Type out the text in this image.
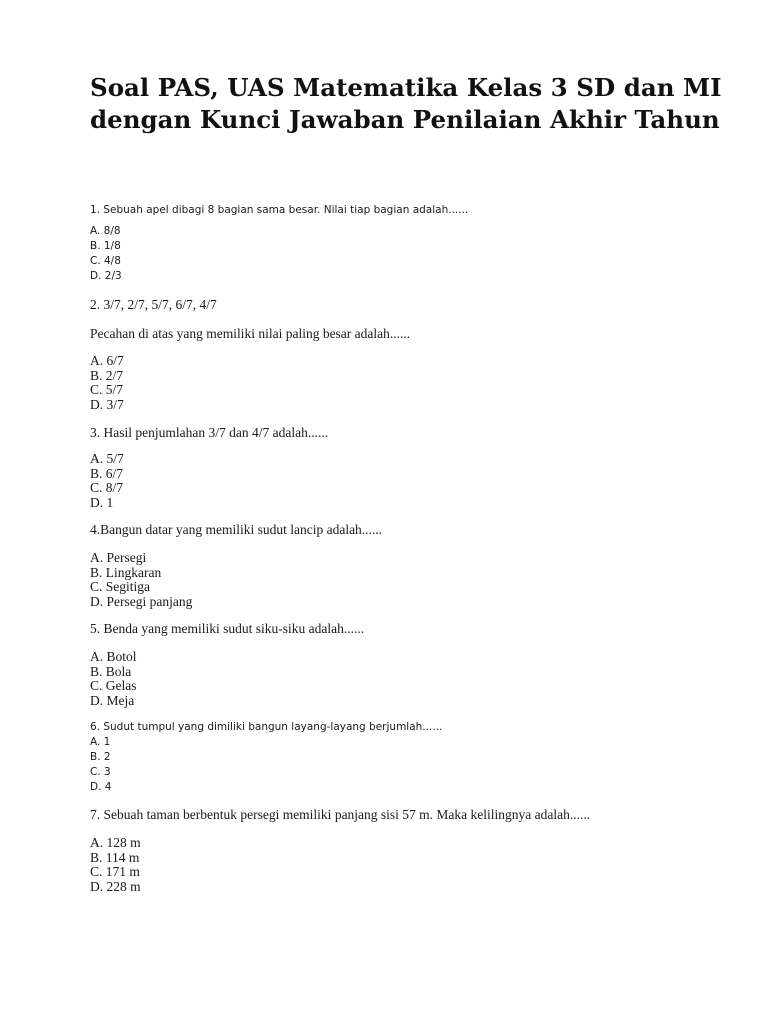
Soal PAS, UAS Matematika Kelas 3 SD dan MI dengan Kunci Jawaban Penilaian Akhir Tahun
1. Sebuah apel dibagi 8 bagian sama besar. Nilai tiap bagian adalah......
A. 8/8
B. 1/8
C. 4/8
D. 2/3
2. 3/7, 2/7, 5/7, 6/7, 4/7
Pecahan di atas yang memiliki nilai paling besar adalah......
A. 6/7
B. 2/7
C. 5/7
D. 3/7
3. Hasil penjumlahan 3/7 dan 4/7 adalah......
A. 5/7
B. 6/7
C. 8/7
D. 1
4.Bangun datar yang memiliki sudut lancip adalah......
A. Persegi
B. Lingkaran
C. Segitiga
D. Persegi panjang
5. Benda yang memiliki sudut siku-siku adalah......
A. Botol
B. Bola
C. Gelas
D. Meja
6. Sudut tumpul yang dimiliki bangun layang-layang berjumlah......
A. 1
B. 2
C. 3
D. 4
7. Sebuah taman berbentuk persegi memiliki panjang sisi 57 m. Maka kelilingnya adalah......
A. 128 m
B. 114 m
C. 171 m
D. 228 m
